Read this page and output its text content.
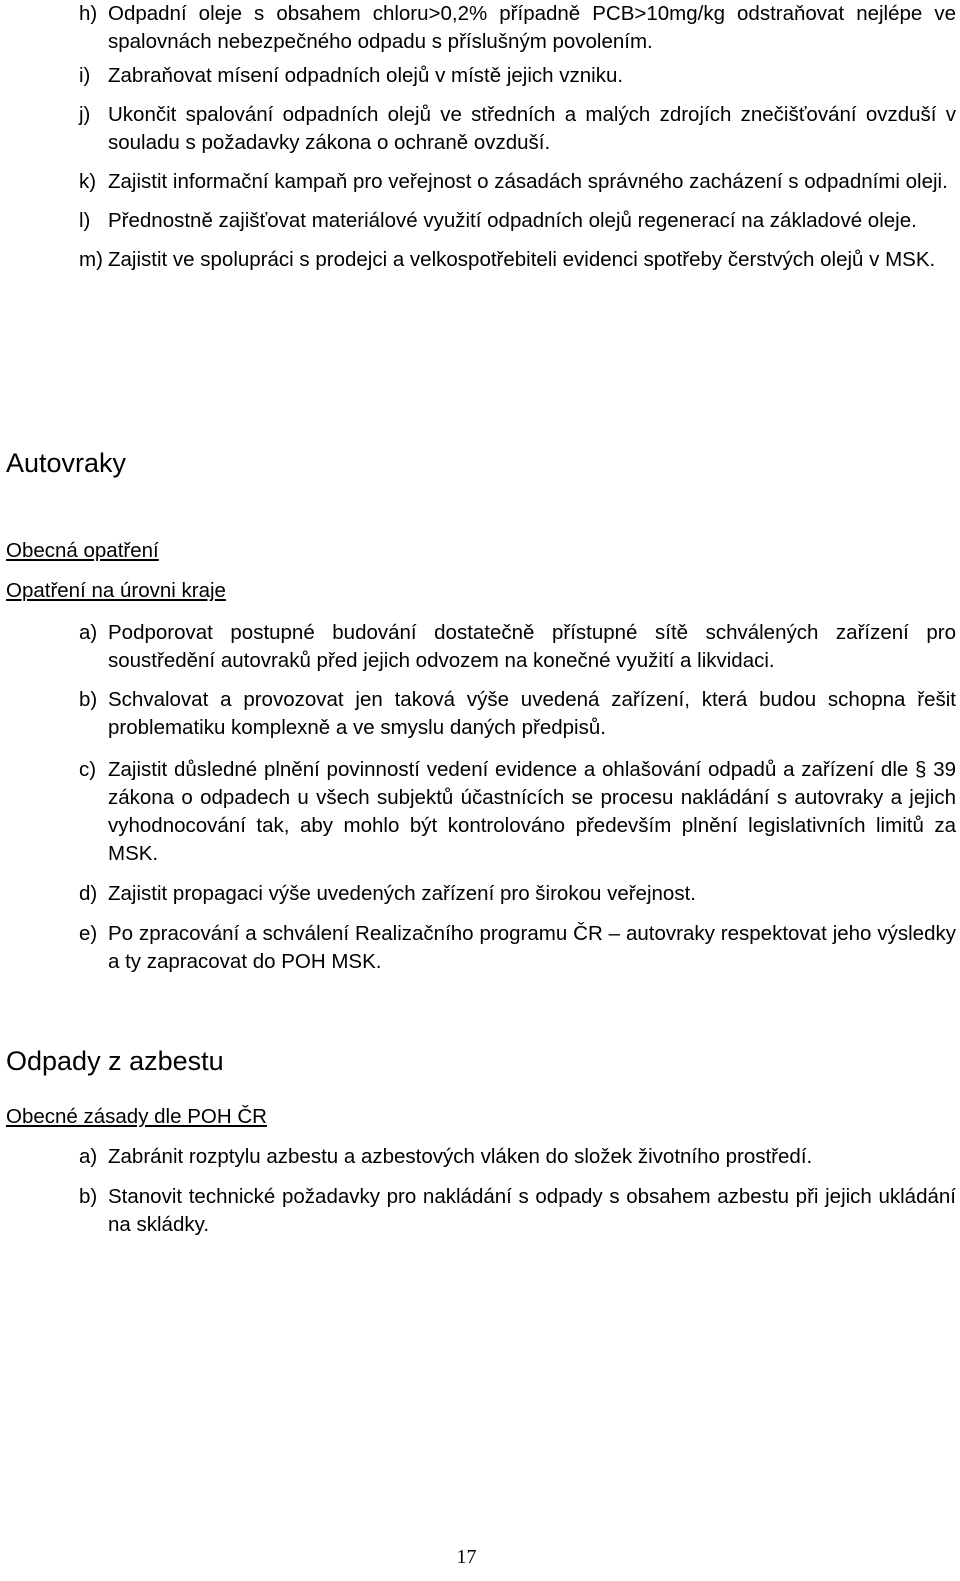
h) Odpadní oleje s obsahem chloru>0,2% případně PCB>10mg/kg odstraňovat nejlépe ve spalovnách nebezpečného odpadu s příslušným povolením.
i) Zabraňovat mísení odpadních olejů v místě jejich vzniku.
j) Ukončit spalování odpadních olejů ve středních a malých zdrojích znečišťování ovzduší v souladu s požadavky zákona o ochraně ovzduší.
k) Zajistit informační kampaň pro veřejnost o zásadách správného zacházení s odpadními oleji.
l) Přednostně zajišťovat materiálové využití odpadních olejů regenerací na základové oleje.
m) Zajistit ve spolupráci s prodejci a velkospotřebiteli evidenci spotřeby čerstvých olejů v MSK.
Autovraky
Obecná opatření
Opatření na úrovni kraje
a) Podporovat postupné budování dostatečně přístupné sítě schválených zařízení pro soustředění autovraků před jejich odvozem na konečné využití a likvidaci.
b) Schvalovat a provozovat jen taková výše uvedená zařízení, která budou schopna řešit problematiku komplexně a ve smyslu daných předpisů.
c) Zajistit důsledné plnění povinností vedení evidence a ohlašování odpadů a zařízení dle § 39 zákona o odpadech u všech subjektů účastnících se procesu nakládání s autovraky a jejich vyhodnocování tak, aby mohlo být kontrolováno především plnění legislativních limitů za MSK.
d) Zajistit propagaci výše uvedených zařízení pro širokou veřejnost.
e) Po zpracování a schválení Realizačního programu ČR – autovraky respektovat jeho výsledky a ty zapracovat do POH MSK.
Odpady z azbestu
Obecné zásady dle POH ČR
a) Zabránit rozptylu azbestu a azbestových vláken do složek životního prostředí.
b) Stanovit technické požadavky pro nakládání s odpady s obsahem azbestu při jejich ukládání na skládky.
17
